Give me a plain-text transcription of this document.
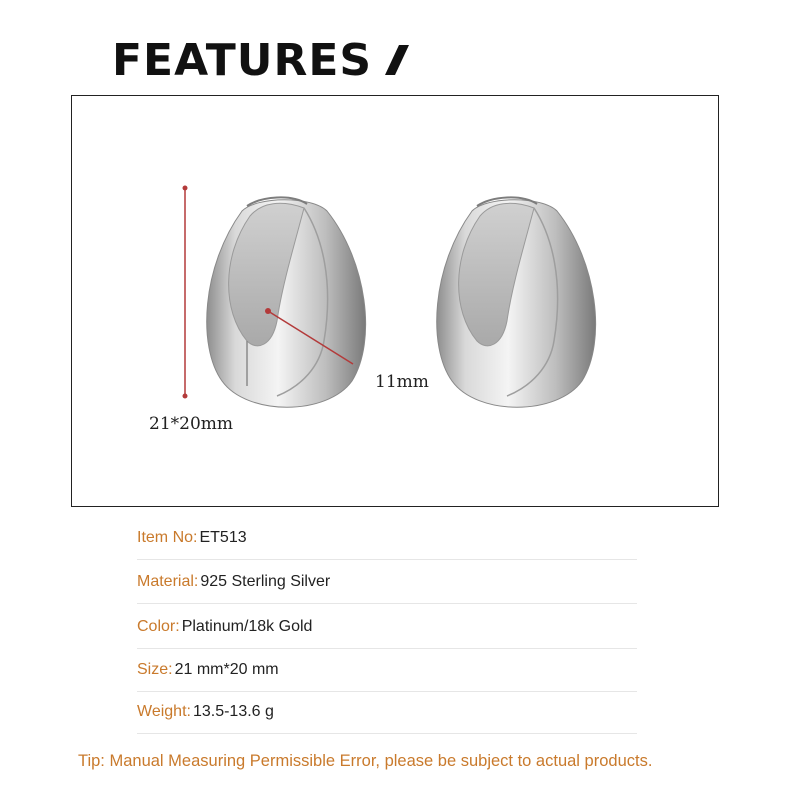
FEATURES
21*20mm
11mm
Item No: ET513
Material: 925 Sterling Silver
Color: Platinum/18k Gold
Size: 21 mm*20 mm
Weight: 13.5-13.6 g
Tip: Manual Measuring Permissible Error, please be subject to actual products.
